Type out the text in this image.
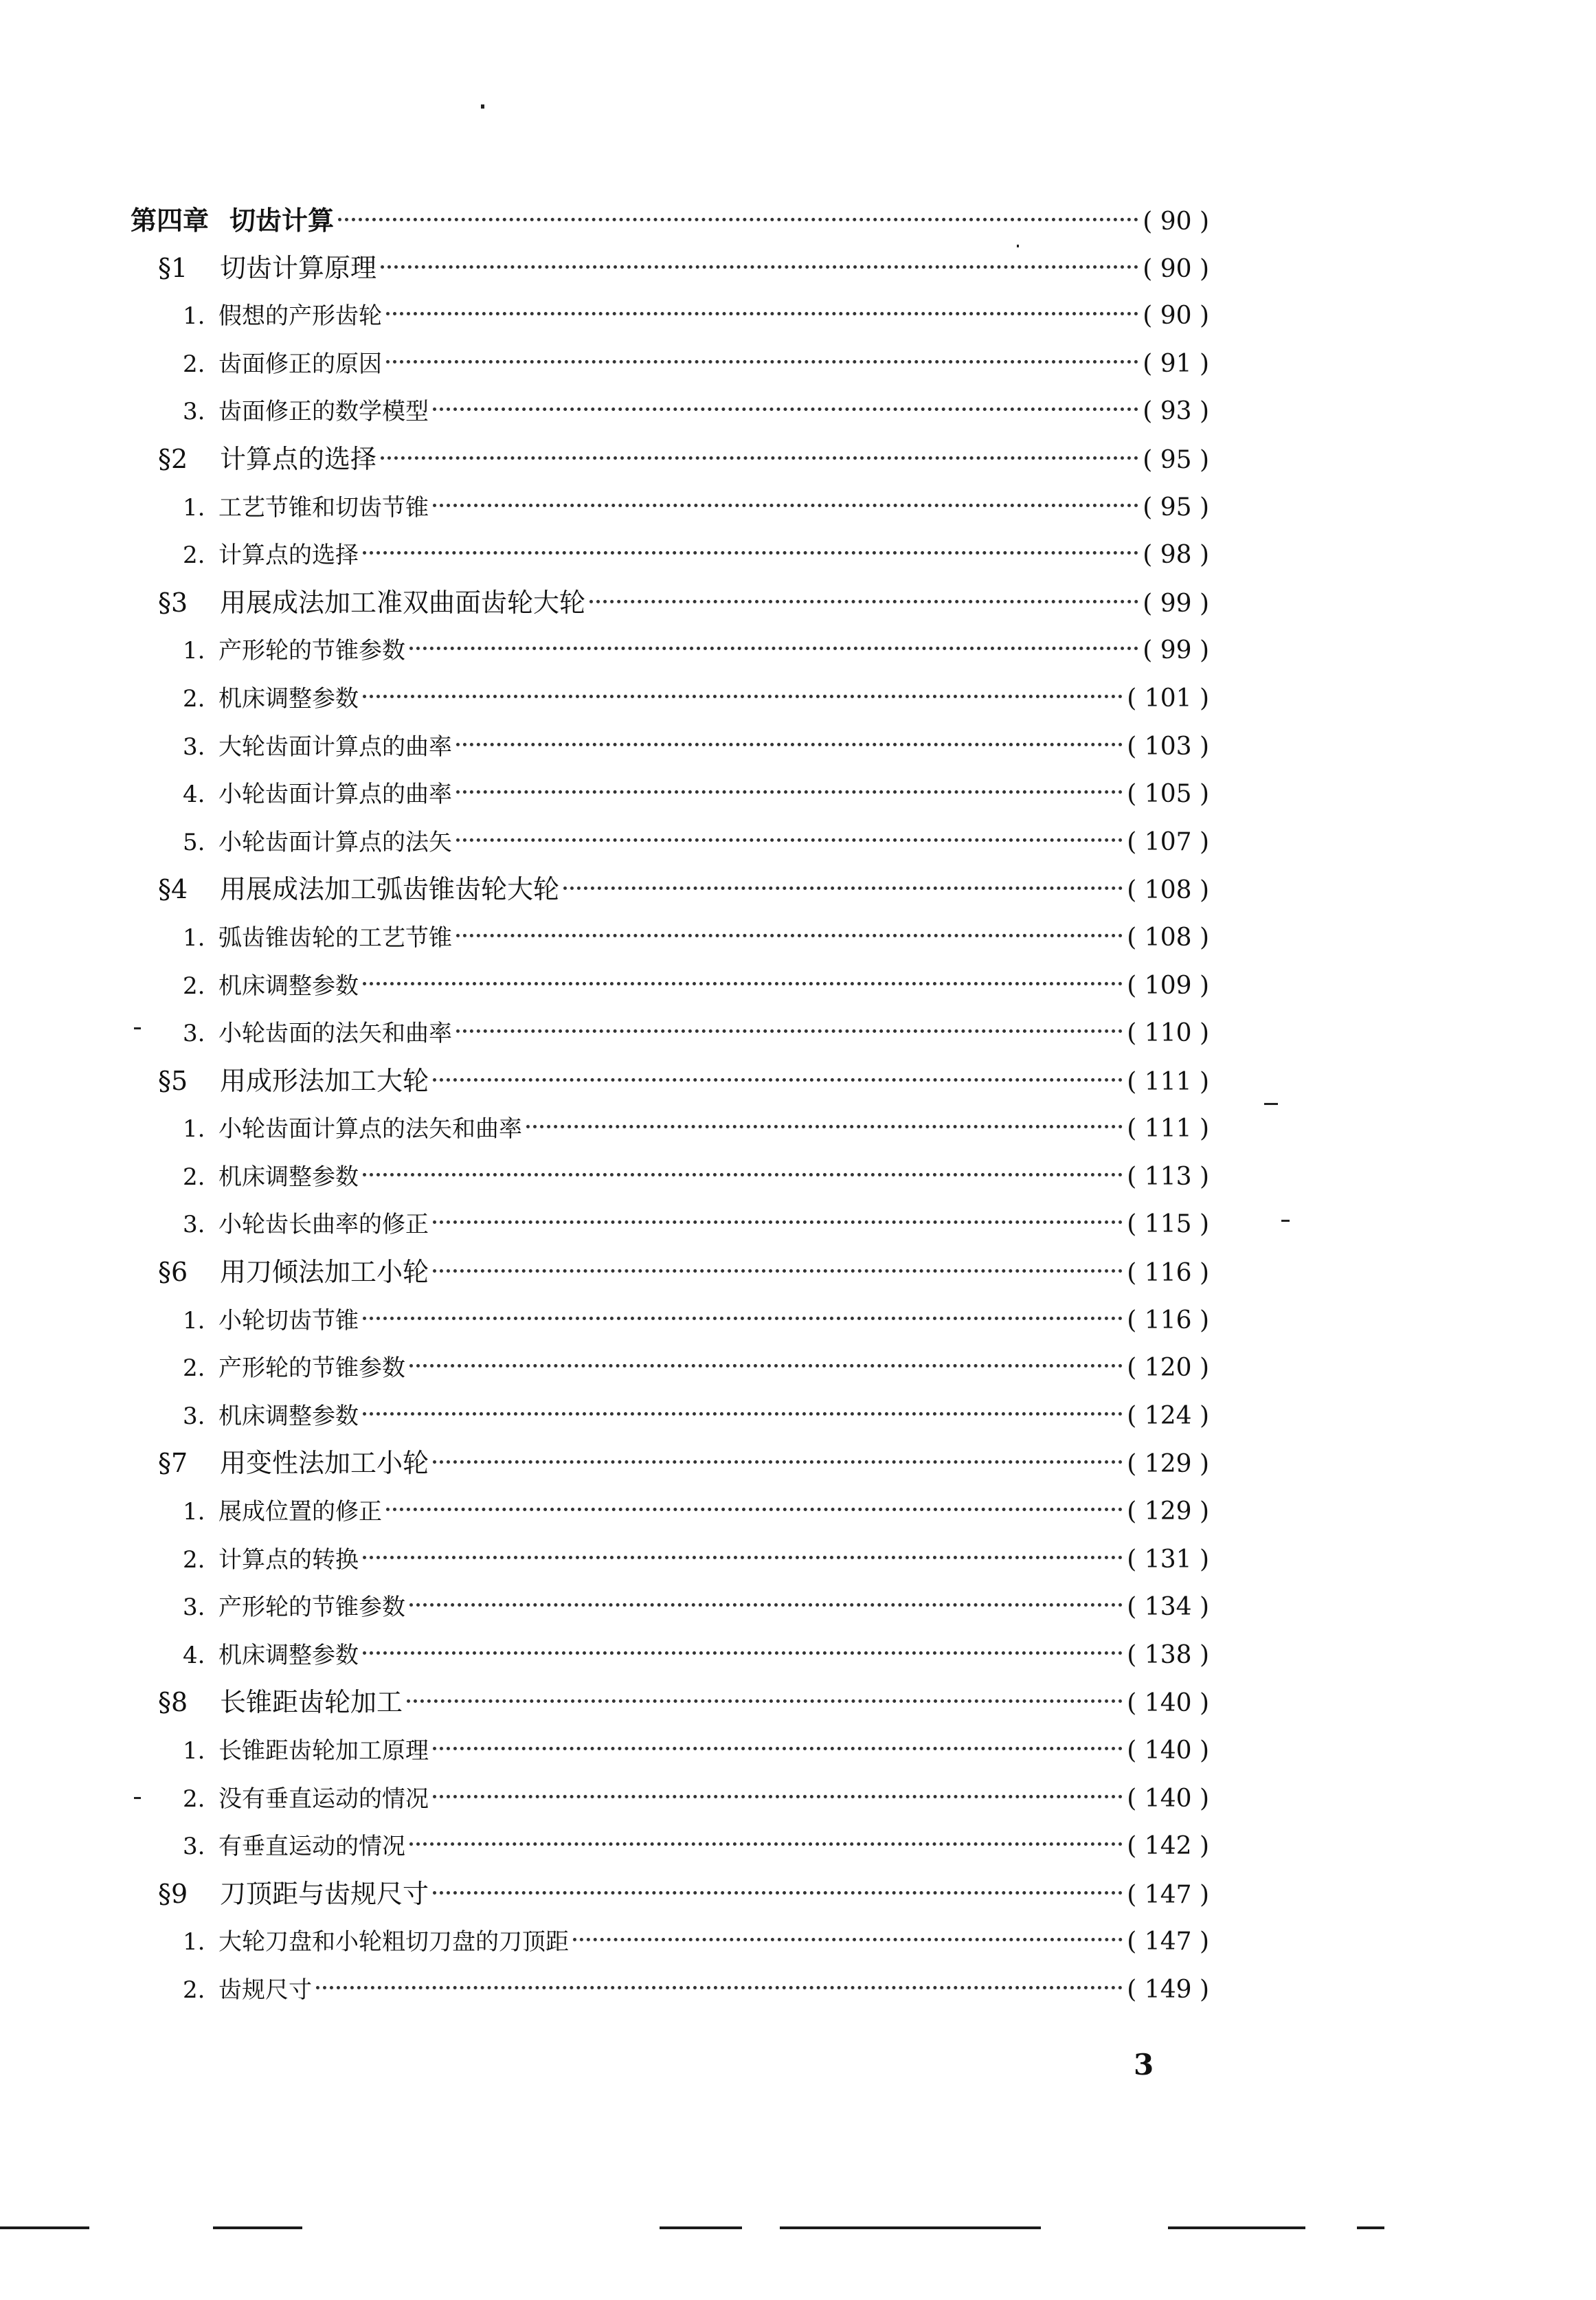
第四章 切齿计算	( 90 )
§1	切齿计算原理	( 90 )
1. 假想的产形齿轮	( 90 )
2. 齿面修正的原因	( 91 )
3. 齿面修正的数学模型	( 93 )
§2	计算点的选择	( 95 )
1. 工艺节锥和切齿节锥	( 95 )
2. 计算点的选择	( 98 )
§3	用展成法加工准双曲面齿轮大轮	( 99 )
1. 产形轮的节锥参数	( 99 )
2. 机床调整参数	( 101 )
3. 大轮齿面计算点的曲率	( 103 )
4. 小轮齿面计算点的曲率	( 105 )
5. 小轮齿面计算点的法矢	( 107 )
§4	用展成法加工弧齿锥齿轮大轮	( 108 )
1. 弧齿锥齿轮的工艺节锥	( 108 )
2. 机床调整参数	( 109 )
3. 小轮齿面的法矢和曲率	( 110 )
§5	用成形法加工大轮	( 111 )
1. 小轮齿面计算点的法矢和曲率	( 111 )
2. 机床调整参数	( 113 )
3. 小轮齿长曲率的修正	( 115 )
§6	用刀倾法加工小轮	( 116 )
1. 小轮切齿节锥	( 116 )
2. 产形轮的节锥参数	( 120 )
3. 机床调整参数	( 124 )
§7	用变性法加工小轮	( 129 )
1. 展成位置的修正	( 129 )
2. 计算点的转换	( 131 )
3. 产形轮的节锥参数	( 134 )
4. 机床调整参数	( 138 )
§8	长锥距齿轮加工	( 140 )
1. 长锥距齿轮加工原理	( 140 )
2. 没有垂直运动的情况	( 140 )
3. 有垂直运动的情况	( 142 )
§9	刀顶距与齿规尺寸	( 147 )
1. 大轮刀盘和小轮粗切刀盘的刀顶距	( 147 )
2. 齿规尺寸	( 149 )
3
